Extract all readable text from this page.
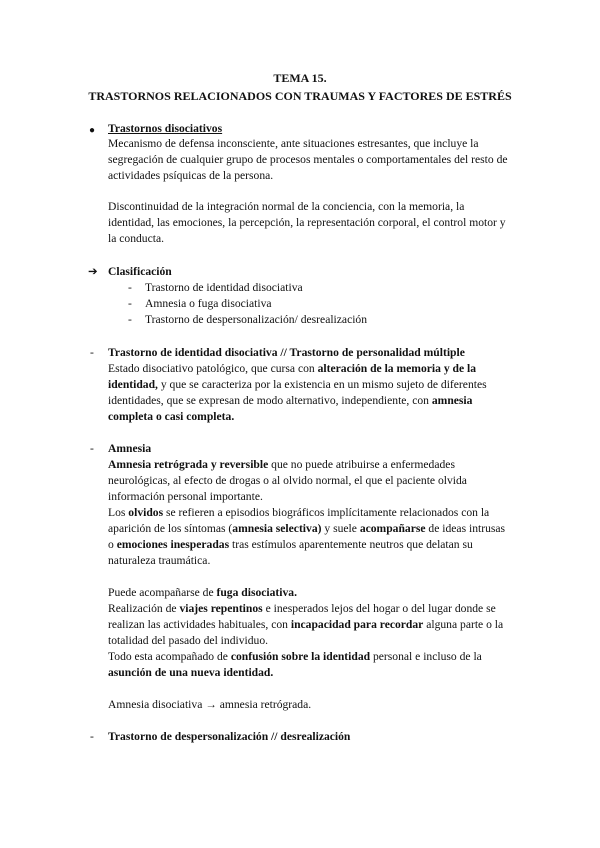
TEMA 15.
TRASTORNOS RELACIONADOS CON TRAUMAS Y FACTORES DE ESTRÉS
● Trastornos disociativos
Mecanismo de defensa inconsciente, ante situaciones estresantes, que incluye la
segregación de cualquier grupo de procesos mentales o comportamentales del resto de
actividades psíquicas de la persona.
Discontinuidad de la integración normal de la conciencia, con la memoria, la
identidad, las emociones, la percepción, la representación corporal, el control motor y
la conducta.
➔ Clasificación
- Trastorno de identidad disociativa
- Amnesia o fuga disociativa
- Trastorno de despersonalización/ desrealización
- Trastorno de identidad disociativa // Trastorno de personalidad múltiple
Estado disociativo patológico, que cursa con alteración de la memoria y de la
identidad, y que se caracteriza por la existencia en un mismo sujeto de diferentes
identidades, que se expresan de modo alternativo, independiente, con amnesia
completa o casi completa.
- Amnesia
Amnesia retrógrada y reversible que no puede atribuirse a enfermedades
neurológicas, al efecto de drogas o al olvido normal, el que el paciente olvida
información personal importante.
Los olvidos se refieren a episodios biográficos implícitamente relacionados con la
aparición de los síntomas (amnesia selectiva) y suele acompañarse de ideas intrusas
o emociones inesperadas tras estímulos aparentemente neutros que delatan su
naturaleza traumática.
Puede acompañarse de fuga disociativa.
Realización de viajes repentinos e inesperados lejos del hogar o del lugar donde se
realizan las actividades habituales, con incapacidad para recordar alguna parte o la
totalidad del pasado del individuo.
Todo esta acompañado de confusión sobre la identidad personal e incluso de la
asunción de una nueva identidad.
Amnesia disociativa → amnesia retrógrada.
- Trastorno de despersonalización // desrealización
